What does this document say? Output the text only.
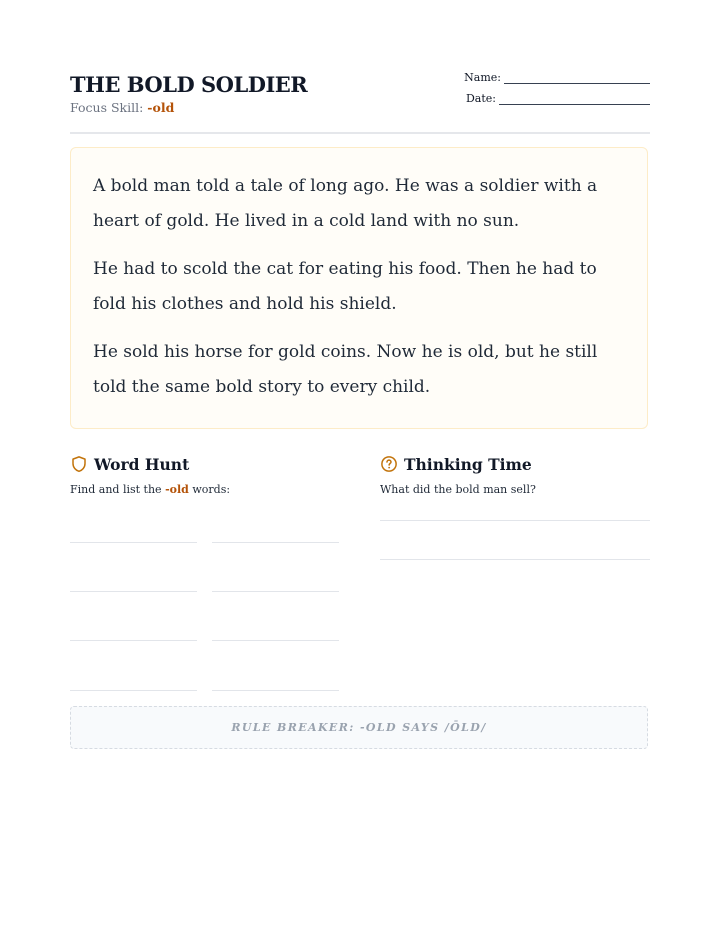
THE BOLD SOLDIER
Focus Skill: -old
Name:
Date:

A bold man told a tale of long ago. He was a soldier with a heart of gold. He lived in a cold land with no sun.

He had to scold the cat for eating his food. Then he had to fold his clothes and hold his shield.

He sold his horse for gold coins. Now he is old, but he still told the same bold story to every child.

Word Hunt
Find and list the -old words:
Thinking Time
What did the bold man sell?
RULE BREAKER: -OLD SAYS /ŌLD/
